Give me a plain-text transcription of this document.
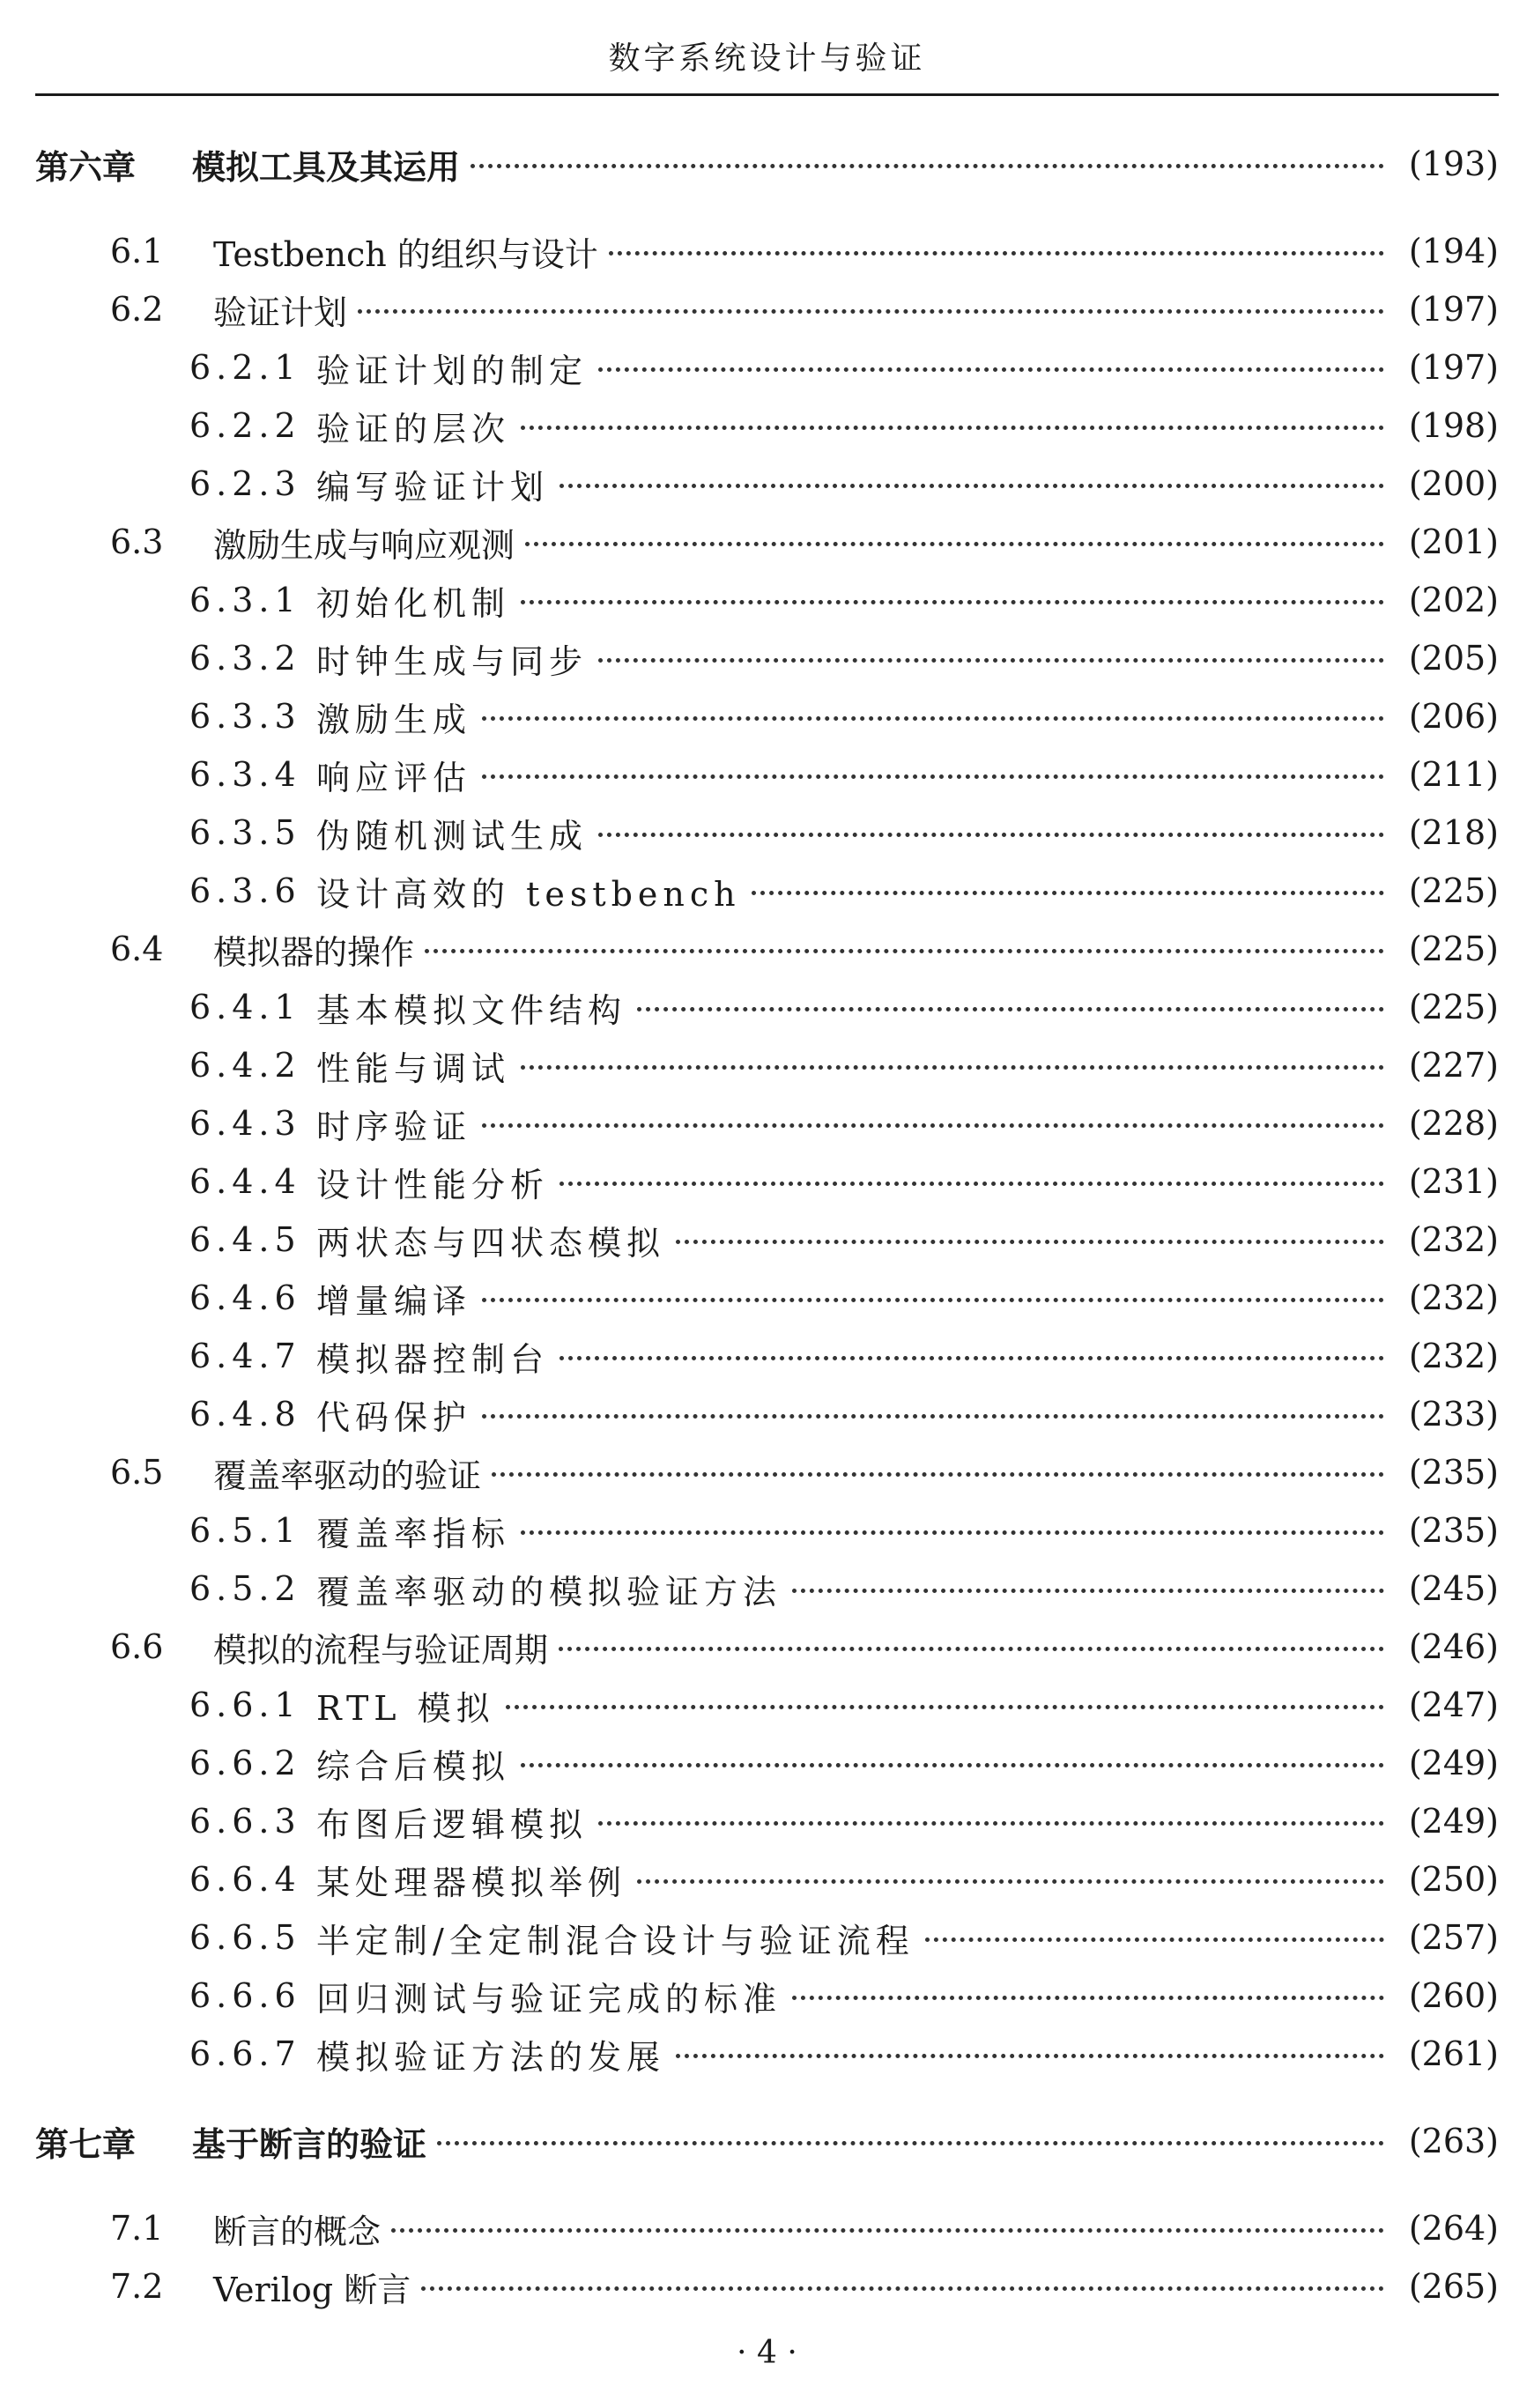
数字系统设计与验证
第六章	模拟工具及其运用	(193)
6.1	Testbench 的组织与设计	(194)
6.2	验证计划	(197)
6.2.1 验证计划的制定	(197)
6.2.2 验证的层次	(198)
6.2.3 编写验证计划	(200)
6.3	激励生成与响应观测	(201)
6.3.1 初始化机制	(202)
6.3.2 时钟生成与同步	(205)
6.3.3 激励生成	(206)
6.3.4 响应评估	(211)
6.3.5 伪随机测试生成	(218)
6.3.6 设计高效的 testbench	(225)
6.4	模拟器的操作	(225)
6.4.1 基本模拟文件结构	(225)
6.4.2 性能与调试	(227)
6.4.3 时序验证	(228)
6.4.4 设计性能分析	(231)
6.4.5 两状态与四状态模拟	(232)
6.4.6 增量编译	(232)
6.4.7 模拟器控制台	(232)
6.4.8 代码保护	(233)
6.5	覆盖率驱动的验证	(235)
6.5.1 覆盖率指标	(235)
6.5.2 覆盖率驱动的模拟验证方法	(245)
6.6	模拟的流程与验证周期	(246)
6.6.1 RTL 模拟	(247)
6.6.2 综合后模拟	(249)
6.6.3 布图后逻辑模拟	(249)
6.6.4 某处理器模拟举例	(250)
6.6.5 半定制/全定制混合设计与验证流程	(257)
6.6.6 回归测试与验证完成的标准	(260)
6.6.7 模拟验证方法的发展	(261)
第七章	基于断言的验证	(263)
7.1	断言的概念	(264)
7.2	Verilog 断言	(265)
· 4 ·
